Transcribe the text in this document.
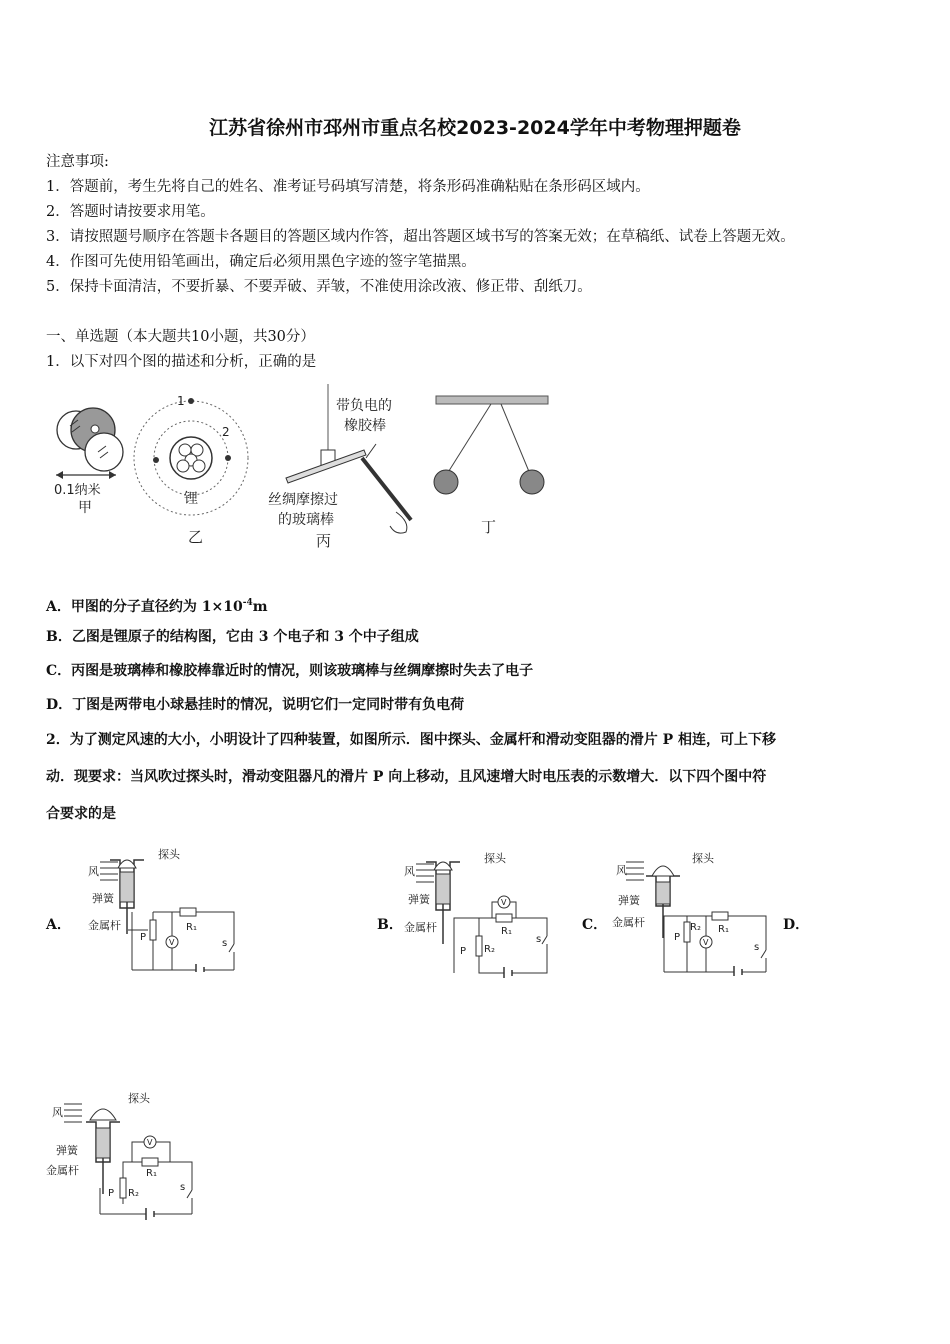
江苏省徐州市邳州市重点名校2023-2024学年中考物理押题卷
注意事项:
1．答题前，考生先将自己的姓名、准考证号码填写清楚，将条形码准确粘贴在条形码区域内。
2．答题时请按要求用笔。
3．请按照题号顺序在答题卡各题目的答题区域内作答，超出答题区域书写的答案无效；在草稿纸、试卷上答题无效。
4．作图可先使用铅笔画出，确定后必须用黑色字迹的签字笔描黑。
5．保持卡面清洁，不要折暴、不要弄破、弄皱，不准使用涂改液、修正带、刮纸刀。
一、单选题（本大题共10小题，共30分）
1．以下对四个图的描述和分析，正确的是
0.1纳米
甲
1
2
锂
乙
带负电的
橡胶棒
丝绸摩擦过
的玻璃棒
丙
丁
A．甲图的分子直径约为 $1\times 10^{-4}m$
B．乙图是锂原子的结构图，它由 3 个电子和 3 个中子组成
C．丙图是玻璃棒和橡胶棒靠近时的情况，则该玻璃棒与丝绸摩擦时失去了电子
D．丁图是两带电小球悬挂时的情况，说明它们一定同时带有负电荷
2．为了测定风速的大小，小明设计了四种装置，如图所示．图中探头、金属杆和滑动变阻器的滑片 P 相连，可上下移
动．现要求：当风吹过探头时，滑动变阻器凡的滑片 P 向上移动，且风速增大时电压表的示数增大．以下四个图中符
合要求的是
A．	B．	C．	D．
风
探头
弹簧
金属杆
P
R₁
V	s
风
探头
弹簧
金属杆
P R₂
R₁
V
s
风
探头
弹簧
金属杆
P
R₂ R₁
V	s
风
探头
弹簧
金属杆
P R₂
R₁
V
s
